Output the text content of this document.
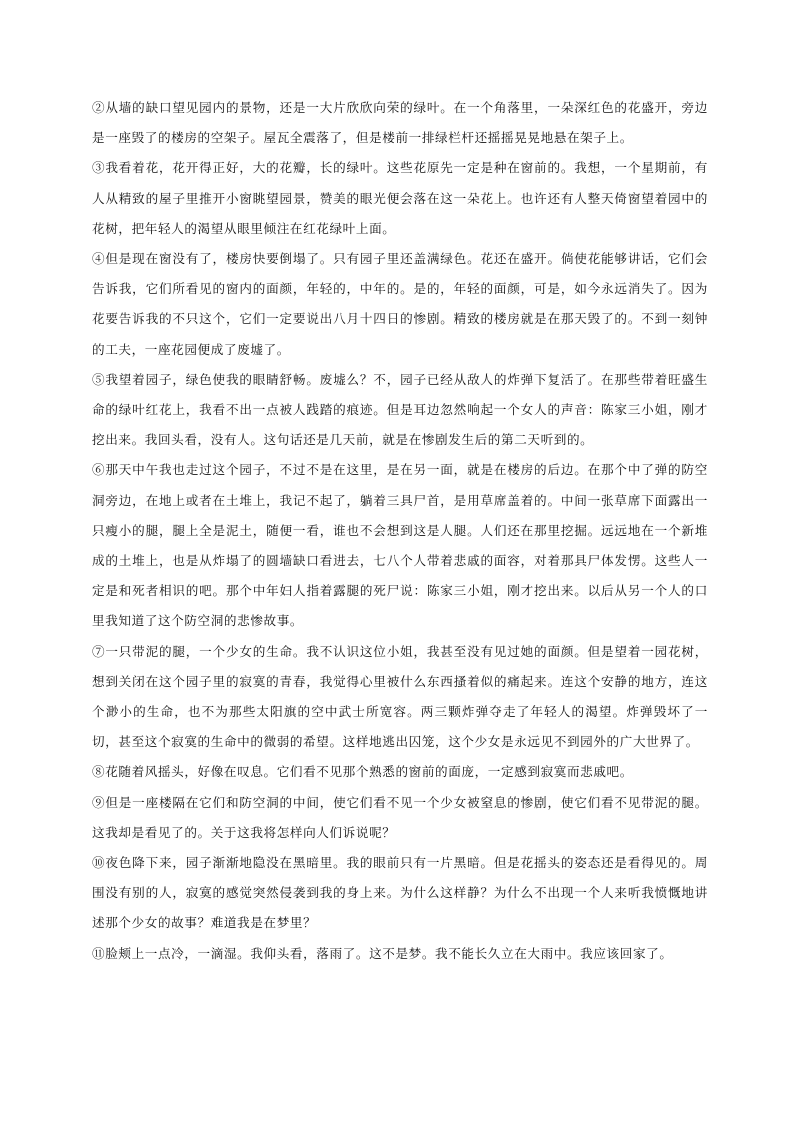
②从墙的缺口望见园内的景物，还是一大片欣欣向荣的绿叶。在一个角落里，一朵深红色的花盛开，旁边是一座毁了的楼房的空架子。屋瓦全震落了，但是楼前一排绿栏杆还摇摇晃晃地悬在架子上。

③我看着花，花开得正好，大的花瓣，长的绿叶。这些花原先一定是种在窗前的。我想，一个星期前，有人从精致的屋子里推开小窗眺望园景，赞美的眼光便会落在这一朵花上。也许还有人整天倚窗望着园中的花树，把年轻人的渴望从眼里倾注在红花绿叶上面。

④但是现在窗没有了，楼房快要倒塌了。只有园子里还盖满绿色。花还在盛开。倘使花能够讲话，它们会告诉我，它们所看见的窗内的面颜，年轻的，中年的。是的，年轻的面颜，可是，如今永远消失了。因为花要告诉我的不只这个，它们一定要说出八月十四日的惨剧。精致的楼房就是在那天毁了的。不到一刻钟的工夫，一座花园便成了废墟了。

⑤我望着园子，绿色使我的眼睛舒畅。废墟么？不，园子已经从敌人的炸弹下复活了。在那些带着旺盛生命的绿叶红花上，我看不出一点被人践踏的痕迹。但是耳边忽然响起一个女人的声音：陈家三小姐，刚才挖出来。我回头看，没有人。这句话还是几天前，就是在惨剧发生后的第二天听到的。

⑥那天中午我也走过这个园子，不过不是在这里，是在另一面，就是在楼房的后边。在那个中了弹的防空洞旁边，在地上或者在土堆上，我记不起了，躺着三具尸首，是用草席盖着的。中间一张草席下面露出一只瘦小的腿，腿上全是泥土，随便一看，谁也不会想到这是人腿。人们还在那里挖掘。远远地在一个新堆成的土堆上，也是从炸塌了的圆墙缺口看进去，七八个人带着悲戚的面容，对着那具尸体发愣。这些人一定是和死者相识的吧。那个中年妇人指着露腿的死尸说：陈家三小姐，刚才挖出来。以后从另一个人的口里我知道了这个防空洞的悲惨故事。

⑦一只带泥的腿，一个少女的生命。我不认识这位小姐，我甚至没有见过她的面颜。但是望着一园花树，想到关闭在这个园子里的寂寞的青春，我觉得心里被什么东西搔着似的痛起来。连这个安静的地方，连这个渺小的生命，也不为那些太阳旗的空中武士所宽容。两三颗炸弹夺走了年轻人的渴望。炸弹毁坏了一切，甚至这个寂寞的生命中的微弱的希望。这样地逃出囚笼，这个少女是永远见不到园外的广大世界了。

⑧花随着风摇头，好像在叹息。它们看不见那个熟悉的窗前的面庞，一定感到寂寞而悲戚吧。

⑨但是一座楼隔在它们和防空洞的中间，使它们看不见一个少女被窒息的惨剧，使它们看不见带泥的腿。这我却是看见了的。关于这我将怎样向人们诉说呢？

⑩夜色降下来，园子渐渐地隐没在黑暗里。我的眼前只有一片黑暗。但是花摇头的姿态还是看得见的。周围没有别的人，寂寞的感觉突然侵袭到我的身上来。为什么这样静？为什么不出现一个人来听我愤慨地讲述那个少女的故事？难道我是在梦里？

⑪脸颊上一点冷，一滴湿。我仰头看，落雨了。这不是梦。我不能长久立在大雨中。我应该回家了。
